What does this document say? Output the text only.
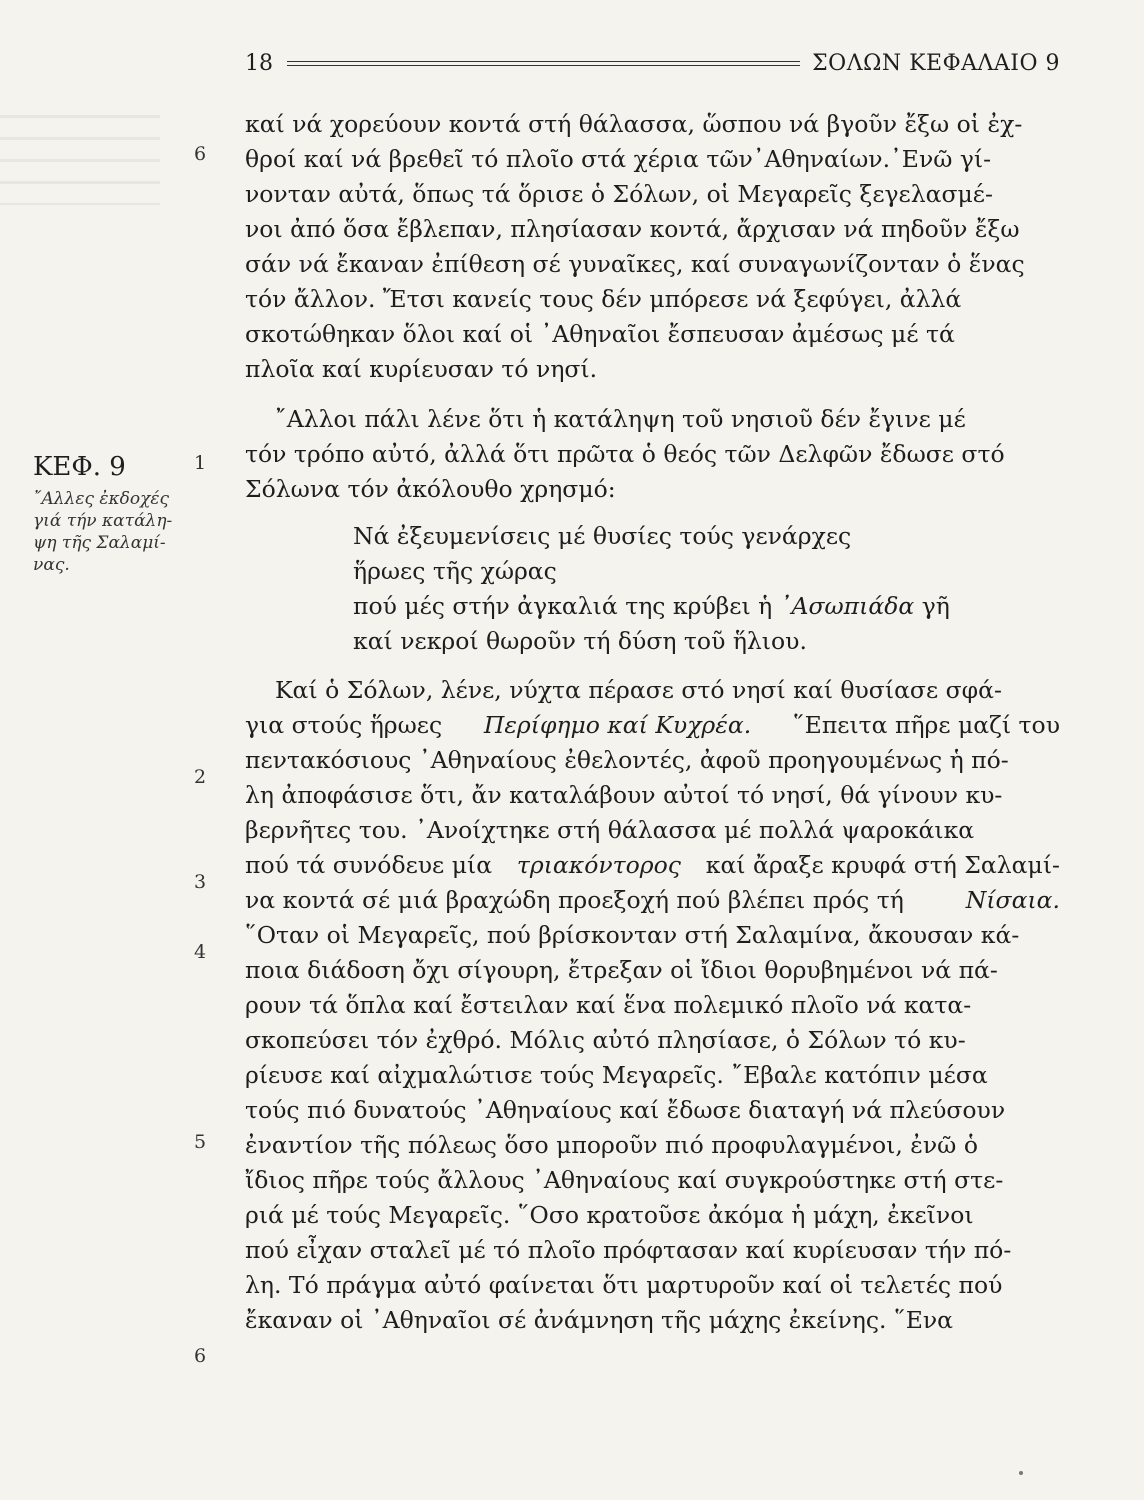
18	ΣΟΛΩΝ ΚΕΦΑΛΑΙΟ 9
ΚΕΦ. 9
῎Αλλες ἐκδοχές
γιά τήν κατάλη-
ψη τῆς Σαλαμί-
νας.
6
1
2
3
4
5
6
καί νά χορεύουν κοντά στή θάλασσα, ὥσπου νά βγοῦν ἔξω οἱ ἐχ-
θροί καί νά βρεθεῖ τό πλοῖο στά χέρια τῶν᾿Αθηναίων.᾿Ενῶ γί-
νονταν αὐτά, ὅπως τά ὅρισε ὁ Σόλων, οἱ Μεγαρεῖς ξεγελασμέ-
νοι ἀπό ὅσα ἔβλεπαν, πλησίασαν κοντά, ἄρχισαν νά πηδοῦν ἔξω
σάν νά ἔκαναν ἐπίθεση σέ γυναῖκες, καί συναγωνίζονταν ὁ ἕνας
τόν ἄλλον. Ἔτσι κανείς τους δέν μπόρεσε νά ξεφύγει, ἀλλά
σκοτώθηκαν ὅλοι καί οἱ ᾿Αθηναῖοι ἔσπευσαν ἀμέσως μέ τά
πλοῖα καί κυρίευσαν τό νησί.
῎Αλλοι πάλι λένε ὅτι ἡ κατάληψη τοῦ νησιοῦ δέν ἔγινε μέ
τόν τρόπο αὐτό, ἀλλά ὅτι πρῶτα ὁ θεός τῶν Δελφῶν ἔδωσε στό
Σόλωνα τόν ἀκόλουθο χρησμό:
Νά ἐξευμενίσεις μέ θυσίες τούς γενάρχες
ἥρωες τῆς χώρας
πού μές στήν ἀγκαλιά της κρύβει ἡ ᾿Ασωπιάδα γῆ
καί νεκροί θωροῦν τή δύση τοῦ ἥλιου.
Καί ὁ Σόλων, λένε, νύχτα πέρασε στό νησί καί θυσίασε σφά-
για στούς ἥρωες Περίφημο καί Κυχρέα. ῞Επειτα πῆρε μαζί του
πεντακόσιους ᾿Αθηναίους ἐθελοντές, ἀφοῦ προηγουμένως ἡ πό-
λη ἀποφάσισε ὅτι, ἄν καταλάβουν αὐτοί τό νησί, θά γίνουν κυ-
βερνῆτες του. ᾿Ανοίχτηκε στή θάλασσα μέ πολλά ψαροκάικα
πού τά συνόδευε μία τριακόντορος καί ἄραξε κρυφά στή Σαλαμί-
να κοντά σέ μιά βραχώδη προεξοχή πού βλέπει πρός τή	Νίσαια.
῞Οταν οἱ Μεγαρεῖς, πού βρίσκονταν στή Σαλαμίνα, ἄκουσαν κά-
ποια διάδοση ὄχι σίγουρη, ἔτρεξαν οἱ ἴδιοι θορυβημένοι νά πά-
ρουν τά ὅπλα καί ἔστειλαν καί ἕνα πολεμικό πλοῖο νά κατα-
σκοπεύσει τόν ἐχθρό. Μόλις αὐτό πλησίασε, ὁ Σόλων τό κυ-
ρίευσε καί αἰχμαλώτισε τούς Μεγαρεῖς. ῎Εβαλε κατόπιν μέσα
τούς πιό δυνατούς ᾿Αθηναίους καί ἔδωσε διαταγή νά πλεύσουν
ἐναντίον τῆς πόλεως ὅσο μποροῦν πιό προφυλαγμένοι, ἐνῶ ὁ
ἴδιος πῆρε τούς ἄλλους ᾿Αθηναίους καί συγκρούστηκε στή στε-
ριά μέ τούς Μεγαρεῖς. ῞Οσο κρατοῦσε ἀκόμα ἡ μάχη, ἐκεῖνοι
πού εἶχαν σταλεῖ μέ τό πλοῖο πρόφτασαν καί κυρίευσαν τήν πό-
λη. Τό πράγμα αὐτό φαίνεται ὅτι μαρτυροῦν καί οἱ τελετές πού
ἔκαναν οἱ ᾿Αθηναῖοι σέ ἀνάμνηση τῆς μάχης ἐκείνης. ῞Ενα
